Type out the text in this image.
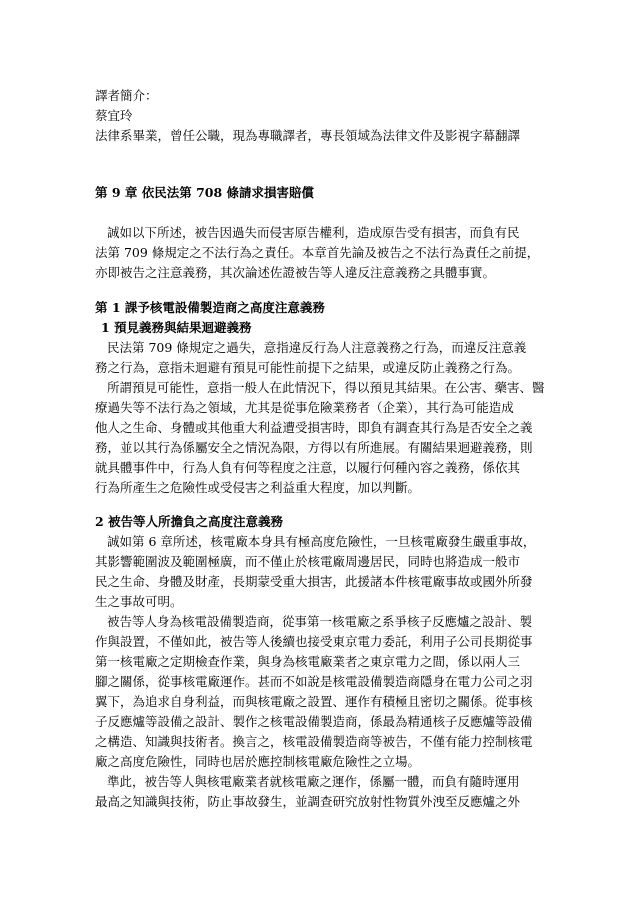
譯者簡介：
蔡宜玲
法律系畢業，曾任公職，現為專職譯者，專長領域為法律文件及影視字幕翻譯
第 9 章 依民法第 708 條請求損害賠償
誠如以下所述，被告因過失而侵害原告權利，造成原告受有損害，而負有民
法第 709 條規定之不法行為之責任。本章首先論及被告之不法行為責任之前提，
亦即被告之注意義務，其次論述佐證被告等人違反注意義務之具體事實。
第 1 課予核電設備製造商之高度注意義務
1 預見義務與結果迴避義務
民法第 709 條規定之過失，意指違反行為人注意義務之行為，而違反注意義
務之行為，意指未迴避有預見可能性前提下之結果，或違反防止義務之行為。
所謂預見可能性，意指一般人在此情況下，得以預見其結果。在公害、藥害、醫
療過失等不法行為之領域，尤其是從事危險業務者（企業），其行為可能造成
他人之生命、身體或其他重大利益遭受損害時，即負有調查其行為是否安全之義
務，並以其行為係屬安全之情況為限，方得以有所進展。有關結果迴避義務，則
就具體事件中，行為人負有何等程度之注意，以履行何種內容之義務，係依其
行為所產生之危險性或受侵害之利益重大程度，加以判斷。
2 被告等人所擔負之高度注意義務
誠如第 6 章所述，核電廠本身具有極高度危險性，一旦核電廠發生嚴重事故，
其影響範圍波及範圍極廣，而不僅止於核電廠周邊居民，同時也將造成一般市
民之生命、身體及財產，長期蒙受重大損害，此援諸本件核電廠事故或國外所發
生之事故可明。
被告等人身為核電設備製造商，從事第一核電廠之系爭核子反應爐之設計、製
作與設置，不僅如此，被告等人後續也接受東京電力委託，利用子公司長期從事
第一核電廠之定期檢查作業，與身為核電廠業者之東京電力之間，係以兩人三
腳之關係，從事核電廠運作。甚而不如說是核電設備製造商隱身在電力公司之羽
翼下，為追求自身利益，而與核電廠之設置、運作有積極且密切之關係。從事核
子反應爐等設備之設計、製作之核電設備製造商，係最為精通核子反應爐等設備
之構造、知識與技術者。換言之，核電設備製造商等被告，不僅有能力控制核電
廠之高度危險性，同時也居於應控制核電廠危險性之立場。
準此，被告等人與核電廠業者就核電廠之運作，係屬一體，而負有隨時運用
最高之知識與技術，防止事故發生，並調查研究放射性物質外洩至反應爐之外
